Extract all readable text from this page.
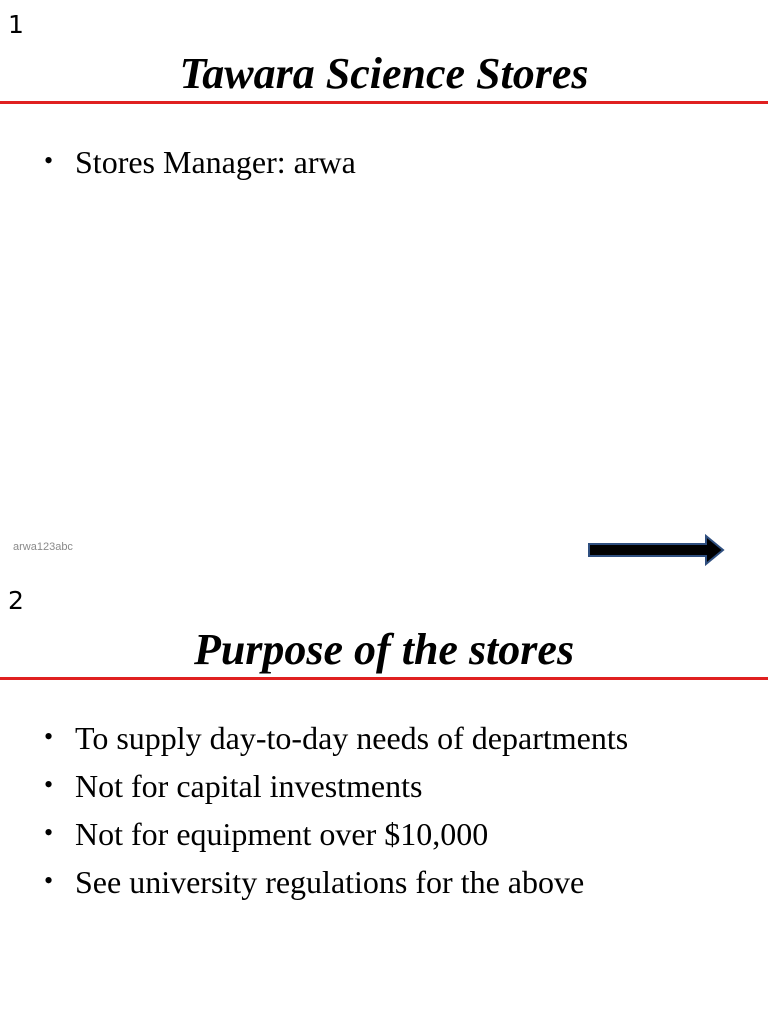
1
Tawara Science Stores
• Stores Manager: arwa
arwa123abc
2
Purpose of the stores
• To supply day-to-day needs of departments
• Not for capital investments
• Not for equipment over $10,000
• See university regulations for the above
